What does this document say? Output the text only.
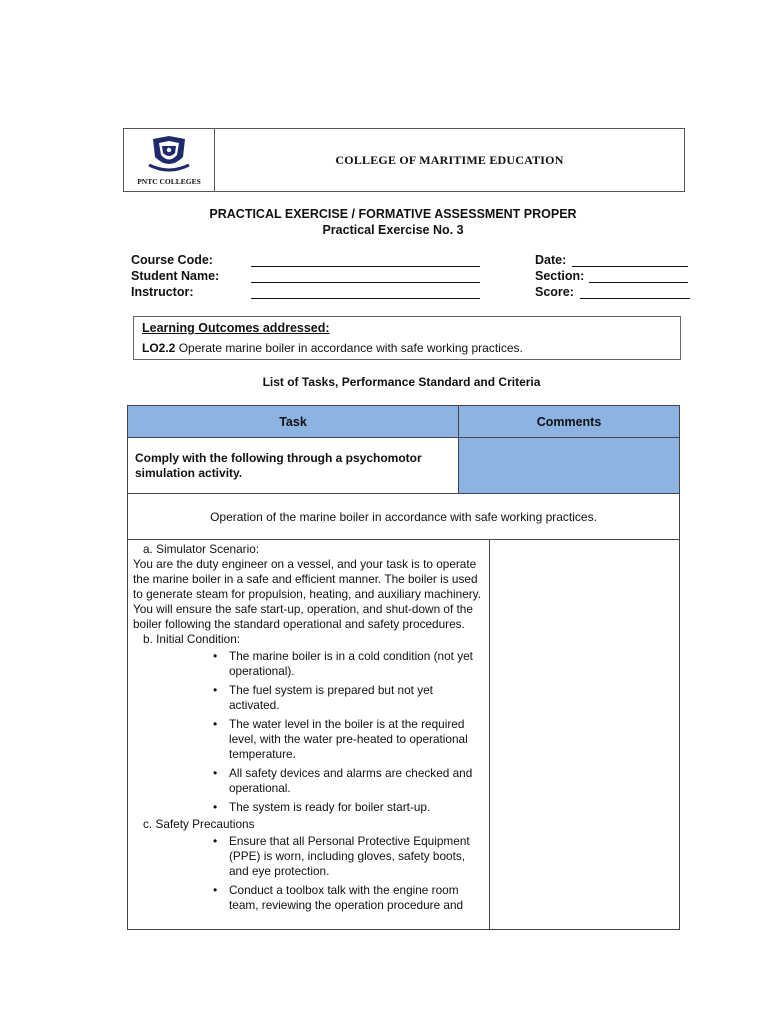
PNTC COLLEGES
COLLEGE OF MARITIME EDUCATION
PRACTICAL EXERCISE / FORMATIVE ASSESSMENT PROPER
Practical Exercise No. 3
Course Code:
Student Name:
Instructor:
Date:
Section:
Score:
Learning Outcomes addressed:
LO2.2 Operate marine boiler in accordance with safe working practices.
List of Tasks, Performance Standard and Criteria
Task	Comments
Comply with the following through a psychomotor simulation activity.
Operation of the marine boiler in accordance with safe working practices.

a. Simulator Scenario:

You are the duty engineer on a vessel, and your task is to operate the marine boiler in a safe and efficient manner. The boiler is used to generate steam for propulsion, heating, and auxiliary machinery. You will ensure the safe start-up, operation, and shut-down of the boiler following the standard operational and safety procedures.

b. Initial Condition:

• The marine boiler is in a cold condition (not yet operational).
• The fuel system is prepared but not yet activated.
• The water level in the boiler is at the required level, with the water pre-heated to operational temperature.
• All safety devices and alarms are checked and operational.
• The system is ready for boiler start-up.

c. Safety Precautions

• Ensure that all Personal Protective Equipment (PPE) is worn, including gloves, safety boots, and eye protection.
• Conduct a toolbox talk with the engine room team, reviewing the operation procedure and
